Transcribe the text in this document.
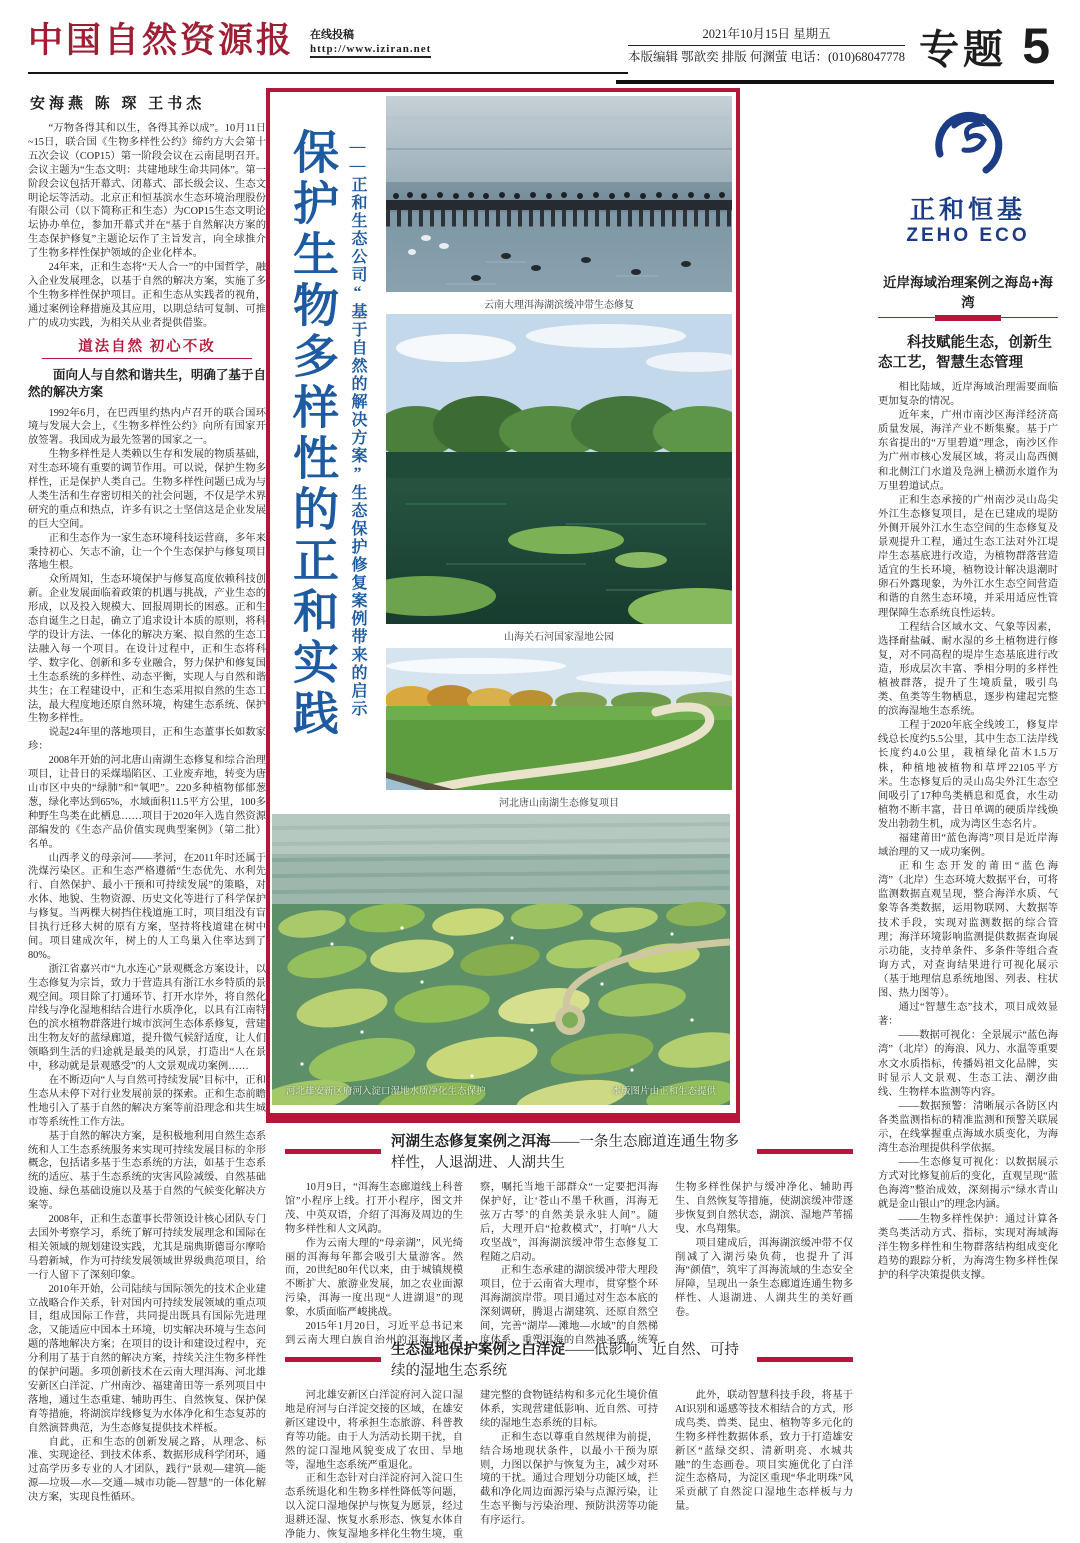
中国自然资源报 在线投稿
http://www.iziran.net
2021年10月15日 星期五
本版编辑 鄂歆奕 排版 何渊萤 电话：(010)68047778 专题 5
安海燕 陈 琛 王书杰

“万物各得其和以生，各得其养以成”。10月11日~15日，联合国《生物多样性公约》缔约方大会第十五次会议（COP15）第一阶段会议在云南昆明召开。会议主题为“生态文明：共建地球生命共同体”。第一阶段会议包括开幕式、闭幕式、部长级会议、生态文明论坛等活动。北京正和恒基滨水生态环境治理股份有限公司（以下简称正和生态）为COP15生态文明论坛协办单位，参加开幕式并在“基于自然解决方案的生态保护修复”主题论坛作了主旨发言，向全球推介了生物多样性保护领域的企业化样本。

24年来，正和生态将“天人合一”的中国哲学，融入企业发展理念，以基于自然的解决方案，实施了多个生物多样性保护项目。正和生态从实践者的视角，通过案例诠释措施及其应用，以期总结可复制、可推广的成功实践，为相关从业者提供借鉴。

道法自然 初心不改
面向人与自然和谐共生，明确了基于自然的解决方案

1992年6月，在巴西里约热内卢召开的联合国环境与发展大会上，《生物多样性公约》向所有国家开放签署。我国成为最先签署的国家之一。

生物多样性是人类赖以生存和发展的物质基础，对生态环境有重要的调节作用。可以说，保护生物多样性，正是保护人类自己。生物多样性问题已成为与人类生活和生存密切相关的社会问题，不仅是学术界研究的重点和热点，许多有识之士坚信这是企业发展的巨大空间。

正和生态作为一家生态环境科技运营商，多年来秉持初心、矢志不渝，让一个个生态保护与修复项目落地生根。

众所周知，生态环境保护与修复高度依赖科技创新。企业发展面临着政策的机遇与挑战，产业生态的形成，以及投入规模大、回报周期长的困惑。正和生态自诞生之日起，确立了追求设计本质的原则，将科学的设计方法、一体化的解决方案、拟自然的生态工法融入每一个项目。在设计过程中，正和生态将科学、数字化、创新和多专业融合，努力保护和修复国土生态系统的多样性、动态平衡，实现人与自然和谐共生；在工程建设中，正和生态采用拟自然的生态工法，最大程度地还原自然环境，构建生态系统、保护生物多样性。

说起24年里的落地项目，正和生态董事长如数家珍：

2008年开始的河北唐山南湖生态修复和综合治理项目，让昔日的采煤塌陷区、工业废弃地，转变为唐山市区中央的“绿肺”和“氧吧”。220多种植物郁郁葱葱，绿化率达到65%，水域面积11.5平方公里，100多种野生鸟类在此栖息……项目于2020年入选自然资源部编发的《生态产品价值实现典型案例》（第二批）名单。

山西孝义的母亲河——孝河，在2011年时还属于洗煤污染区。正和生态严格遵循“生态优先、水利先行、自然保护、最小干预和可持续发展”的策略，对水体、地貌、生物资源、历史文化等进行了科学保护与修复。当两棵大树挡住栈道施工时，项目组没有盲目执行迁移大树的原有方案，坚持将栈道建在树中间。项目建成次年，树上的人工鸟巢入住率达到了80%。

浙江省嘉兴市“九水连心”景观概念方案设计，以生态修复为宗旨，致力于营造具有浙江水乡特质的景观空间。项目除了打通环节、打开水岸外，将自然化岸线与净化湿地相结合进行水质净化，以具有江南特色的滨水植物群落进行城市滨河生态体系修复，营建出生物友好的蓝绿廊道，提升微气候舒适度，让人们领略到生活的归途就是最美的风景，打造出“人在景中，移动就是景观感受”的人文景观成功案例……

在不断迈向“人与自然可持续发展”目标中，正和生态从未停下对行业发展前景的探索。正和生态前瞻性地引入了基于自然的解决方案等前沿理念和共生城市等系统性工作方法。

基于自然的解决方案，是积极地利用自然生态系统和人工生态系统服务来实现可持续发展目标的伞形概念，包括诸多基于生态系统的方法，如基于生态系统的适应、基于生态系统的灾害风险减缓、自然基础设施、绿色基础设施以及基于自然的气候变化解决方案等。

2008年，正和生态董事长带领设计核心团队专门去国外考察学习，系统了解可持续发展理念和国际在相关领域的规划建设实践，尤其是瑞典斯德哥尔摩哈马碧新城，作为可持续发展领域世界级典范项目，给一行人留下了深刻印象。

2010年开始，公司陆续与国际领先的技术企业建立战略合作关系，针对国内可持续发展领域的重点项目，组成国际工作营，共同提出既具有国际先进理念，又能适应中国本土环境，切实解决环境与生态问题的落地解决方案；在项目的设计和建设过程中，充分利用了基于自然的解决方案，持续关注生物多样性的保护问题。多项创新技术在云南大理洱海、河北雄安新区白洋淀、广州南沙、福建莆田等一系列项目中落地，通过生态重建、辅助再生、自然恢复、保护保育等措施，将湖滨岸线修复为水体净化和生态复苏的自然演替典范，为生态修复提供技术样板。

自此，正和生态的创新发展之路，从理念、标准、实现途径、到技术体系、数据形成科学闭环，通过高学历多专业的人才团队，践行“景观—建筑—能源—垃圾—水—交通—城市功能—智慧”的一体化解决方案，实现良性循环。

保护生物多样性的正和实践 ——正和生态公司“基于自然的解决方案”生态保护修复案例带来的启示	云南大理洱海湖滨缓冲带生态修复
山海关石河国家湿地公园
河北唐山南湖生态修复项目
河北雄安新区府河入淀口湿地水质净化生态保护	本版图片由正和生态提供
河湖生态修复案例之洱海——一条生态廊道连通生物多样性，人退湖进、人湖共生

10月9日，“洱海生态廊道线上科普馆”小程序上线。打开小程序，图文并茂、中英双语，介绍了洱海及周边的生物多样性和人文风韵。

作为云南大理的“母亲湖”，风光绮丽的洱海每年都会吸引大量游客。然而，20世纪80年代以来，由于城镇规模不断扩大、旅游业发展，加之农业面源污染，洱海一度出现“人进湖退”的现象，水质面临严峻挑战。

2015年1月20日，习近平总书记来到云南大理白族自治州的洱海地区考察，嘱托当地干部群众“一定要把洱海保护好，让‘苍山不墨千秋画，洱海无弦万古琴’的自然美景永驻人间”。随后，大理开启“抢救模式”，打响“八大攻坚战”，洱海湖滨缓冲带生态修复工程随之启动。

正和生态承建的湖滨缓冲带大理段项目，位于云南省大理市，贯穿整个环洱海湖滨岸带。项目通过对生态本底的深刻调研，腾退占湖建筑、还原自然空间，完善“湖岸—滩地—水域”的自然梯度体系，重塑洱海的自然神圣感，统筹生物多样性保护与缓冲净化、辅助再生、自然恢复等措施，使湖滨缓冲带逐步恢复到自然状态，湖滨、湿地芦苇摇曳、水鸟翔集。

项目建成后，洱海湖滨缓冲带不仅削减了入湖污染负荷，也提升了洱海“颜值”，筑牢了洱海流域的生态安全屏障，呈现出一条生态廊道连通生物多样性、人退湖进、人湖共生的美好画卷。

生态湿地保护案例之白洋淀——低影响、近自然、可持续的湿地生态系统

河北雄安新区白洋淀府河入淀口湿地是府河与白洋淀交接的区域，在雄安新区建设中，将承担生态旅游、科普教育等功能。由于人为活动长期干扰，自然的淀口湿地风貌变成了农田、旱地等，湿地生态系统严重退化。

正和生态针对白洋淀府河入淀口生态系统退化和生物多样性降低等问题，以入淀口湿地保护与恢复为愿景，经过退耕还湿、恢复水系形态、恢复水体自净能力、恢复湿地多样化生物生境，重建完整的食物链结构和多元化生境价值体系，实现营建低影响、近自然、可持续的湿地生态系统的目标。

正和生态以尊重自然规律为前提，结合场地现状条件，以最小干预为原则，力图以保护与恢复为主，减少对环境的干扰。通过合理划分功能区域，拦截和净化周边面源污染与点源污染，让生态平衡与污染治理、预防洪涝等功能有序运行。

此外，联动智慧科技手段，将基于AI识别和遥感等技术相结合的方式，形成鸟类、兽类、昆虫、植物等多元化的生物多样性数据体系，致力于打造雄安新区“蓝绿交织、清新明亮、水城共融”的生态画卷。项目实施优化了白洋淀生态格局，为淀区重现“华北明珠”风采贡献了自然淀口湿地生态样板与力量。

正和恒基
ZEHO ECO
近岸海域治理案例之海岛+海湾
科技赋能生态，创新生态工艺，智慧生态管理

相比陆域，近岸海域治理需要面临更加复杂的情况。

近年来，广州市南沙区海洋经济高质量发展，海洋产业不断集聚。基于广东省提出的“万里碧道”理念，南沙区作为广州市核心发展区域，将灵山岛西侧和北侧江门水道及凫洲上横沥水道作为万里碧道试点。

正和生态承接的广州南沙灵山岛尖外江生态修复项目，是在已建成的堤防外侧开展外江水生态空间的生态修复及景观提升工程，通过生态工法对外江堤岸生态基底进行改造，为植物群落营造适宜的生长环境，植物设计解决退潮时卵石外露现象，为外江水生态空间营造和谐的自然生态环境，并采用适应性管理保障生态系统良性运转。

工程结合区域水文、气象等因素，选择耐盐碱、耐水湿的乡土植物进行修复，对不同高程的堤岸生态基底进行改造，形成层次丰富、季相分明的多样性植被群落，提升了生境质量，吸引鸟类、鱼类等生物栖息，逐步构建起完整的滨海湿地生态系统。

工程于2020年底全线竣工，修复岸线总长度约5.5公里，其中生态工法岸线长度约4.0公里，栽植绿化苗木1.5万株，种植地被植物和草坪22105平方米。生态修复后的灵山岛尖外江生态空间吸引了17种鸟类栖息和觅食，水生动植物不断丰富，昔日单调的硬质岸线焕发出勃勃生机，成为湾区生态名片。

福建莆田“蓝色海湾”项目是近岸海域治理的又一成功案例。

正和生态开发的莆田“蓝色海湾”（北岸）生态环境大数据平台，可将监测数据直观呈现，整合海洋水质、气象等各类数据，运用物联网、大数据等技术手段，实现对监测数据的综合管理；海洋环境影响监测提供数据查询展示功能，支持单条件、多条件等组合查询方式，对查询结果进行可视化展示（基于地理信息系统地图、列表、柱状图、热力图等）。

通过“智慧生态”技术，项目成效显著：

——数据可视化：全景展示“蓝色海湾”（北岸）的海浪、风力、水温等重要水文水质指标，传播妈祖文化品牌，实时显示人文景观、生态工法、潮汐曲线、生物样本监测等内容。

——数据预警：清晰展示各防区内各类监测指标的精准监测和预警关联展示，在线掌握重点海域水质变化，为海湾生态治理提供科学依据。

——生态修复可视化：以数据展示方式对比修复前后的变化，直观呈现“蓝色海湾”整治成效，深刻揭示“绿水青山就是金山银山”的理念内涵。

——生物多样性保护：通过计算各类鸟类活动方式、指标，实现对海域海洋生物多样性和生物群落结构组成变化趋势的跟踪分析，为海湾生物多样性保护的科学决策提供支撑。
